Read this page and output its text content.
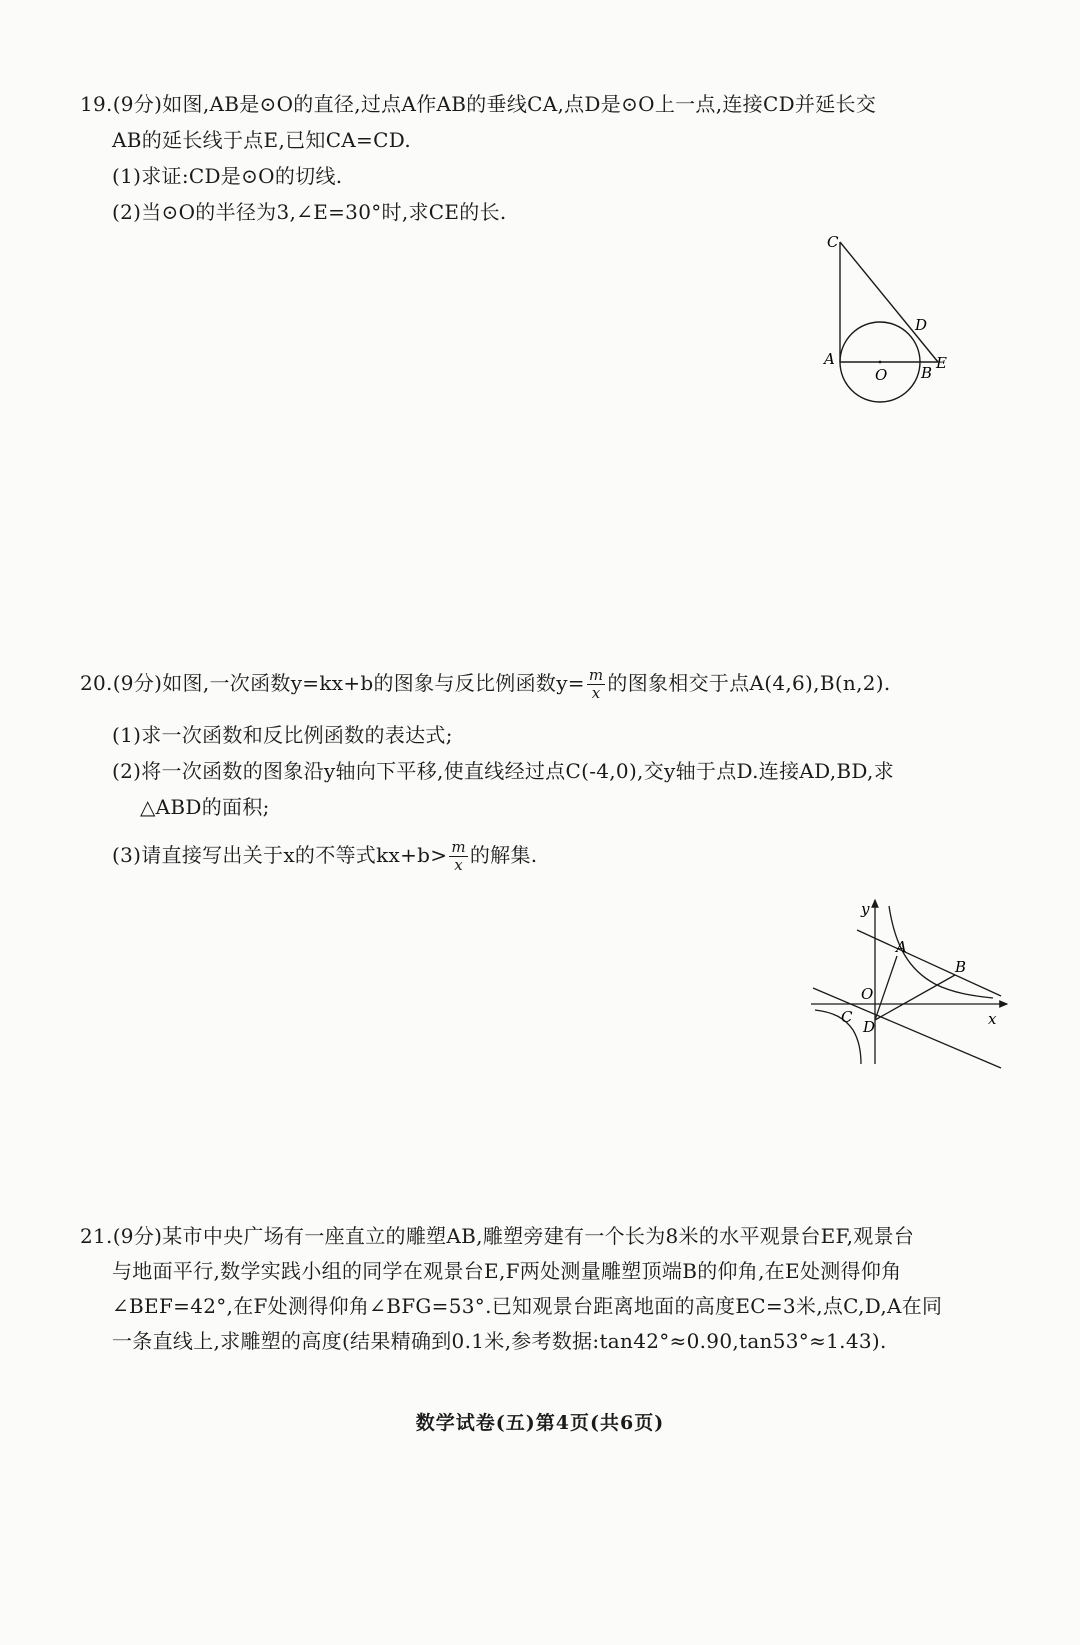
19.(9分)如图,AB是⊙O的直径,过点A作AB的垂线CA,点D是⊙O上一点,连接CD并延长交
AB的延长线于点E,已知CA=CD.
(1)求证:CD是⊙O的切线.
(2)当⊙O的半径为3,∠E=30°时,求CE的长.
C
D
A
O B
E
20.(9分)如图,一次函数y=kx+b的图象与反比例函数$y= \frac{m}{x}$ 的图象相交于点A(4,6),B(n,2).
(1)求一次函数和反比例函数的表达式;
(2)将一次函数的图象沿y轴向下平移,使直线经过点C(-4,0),交y轴于点D.连接AD,BD,求
△ABD的面积;
(3)请直接写出关于x的不等式$kx+b> \frac{m}{x}$ 的解集.
y
x
A
B
O
C
D
21.(9分)某市中央广场有一座直立的雕塑AB,雕塑旁建有一个长为8米的水平观景台EF,观景台
与地面平行,数学实践小组的同学在观景台E,F两处测量雕塑顶端B的仰角,在E处测得仰角
∠BEF=42°,在F处测得仰角∠BFG=53°.已知观景台距离地面的高度EC=3米,点C,D,A在同
一条直线上,求雕塑的高度(结果精确到0.1米,参考数据:tan42°≈0.90,tan53°≈1.43).
数学试卷(五)第4页(共6页)
